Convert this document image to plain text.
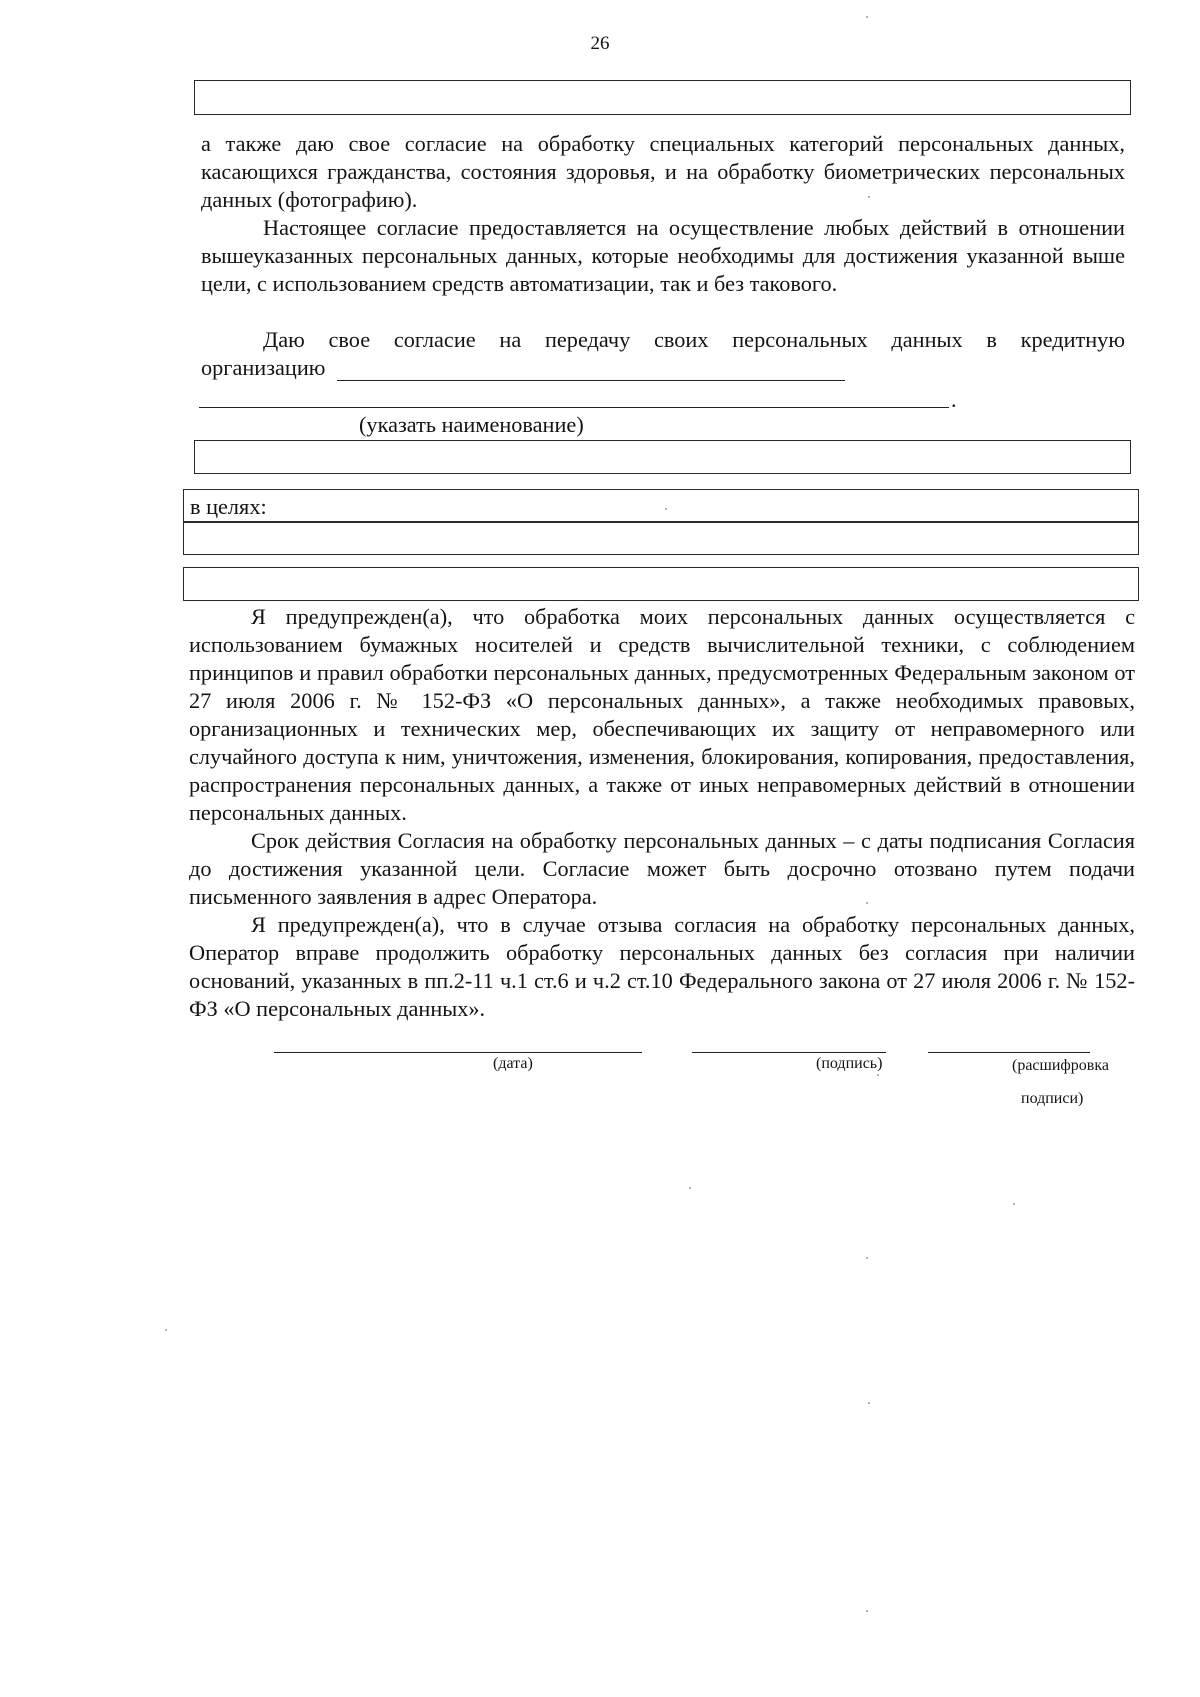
26

а также даю свое согласие на обработку специальных категорий персональных данных, касающихся гражданства, состояния здоровья, и на обработку биометрических персональных данных (фотографию).

Настоящее согласие предоставляется на осуществление любых действий в отношении вышеуказанных персональных данных, которые необходимы для достижения указанной выше цели, с использованием средств автоматизации, так и без такового.

Даю свое согласие на передачу своих персональных данных в кредитную
организацию
.
(указать наименование)
в целях:

Я предупрежден(а), что обработка моих персональных данных осуществляется с использованием бумажных носителей и средств вычислительной техники, с соблюдением принципов и правил обработки персональных данных, предусмотренных Федеральным законом от 27 июля 2006 г. № 152-ФЗ «О персональных данных», а также необходимых правовых, организационных и технических мер, обеспечивающих их защиту от неправомерного или случайного доступа к ним, уничтожения, изменения, блокирования, копирования, предоставления, распространения персональных данных, а также от иных неправомерных действий в отношении персональных данных.

Срок действия Согласия на обработку персональных данных – с даты подписания Согласия до достижения указанной цели. Согласие может быть досрочно отозвано путем подачи письменного заявления в адрес Оператора.

Я предупрежден(а), что в случае отзыва согласия на обработку персональных данных, Оператор вправе продолжить обработку персональных данных без согласия при наличии оснований, указанных в пп.2-11 ч.1 ст.6 и ч.2 ст.10 Федерального закона от 27 июля 2006 г. № 152-ФЗ «О персональных данных».

(дата)	(подпись)	(расшифровка
подписи)
